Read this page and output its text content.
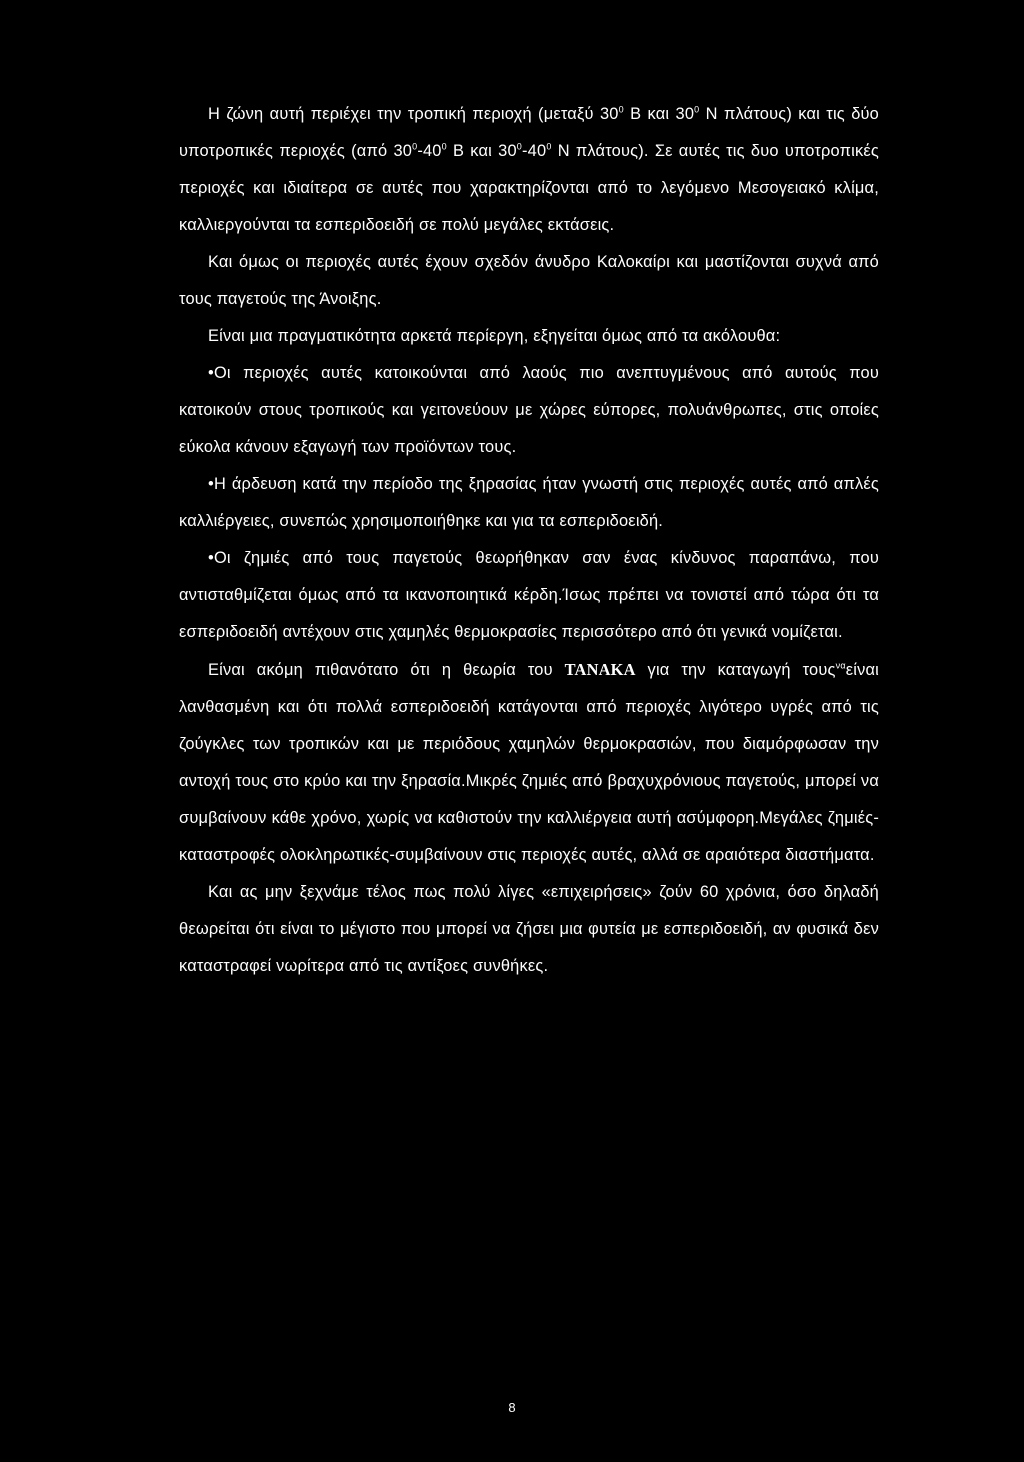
Η ζώνη αυτή περιέχει την τροπική περιοχή (μεταξύ $30^0$ Β και $30^0$ Ν πλάτους) και τις δύο υποτροπικές περιοχές (από $30^0-40^0$ Β και $30^0-40^0$ Ν πλάτους). Σε αυτές τις δυο υποτροπικές περιοχές και ιδιαίτερα σε αυτές που χαρακτηρίζονται από το λεγόμενο Μεσογειακό κλίμα, καλλιεργούνται τα εσπεριδοειδή σε πολύ μεγάλες εκτάσεις.

Και όμως οι περιοχές αυτές έχουν σχεδόν άνυδρο Καλοκαίρι και μαστίζονται συχνά από τους παγετούς της Άνοιξης.

Είναι μια πραγματικότητα αρκετά περίεργη, εξηγείται όμως από τα ακόλουθα:

•Οι περιοχές αυτές κατοικούνται από λαούς πιο ανεπτυγμένους από αυτούς που κατοικούν στους τροπικούς και γειτονεύουν με χώρες εύπορες, πολυάνθρωπες, στις οποίες εύκολα κάνουν εξαγωγή των προϊόντων τους.

•Η άρδευση κατά την περίοδο της ξηρασίας ήταν γνωστή στις περιοχές αυτές από απλές καλλιέργειες, συνεπώς χρησιμοποιήθηκε και για τα εσπεριδοειδή.

•Οι ζημιές από τους παγετούς θεωρήθηκαν σαν ένας κίνδυνος παραπάνω, που αντισταθμίζεται όμως από τα ικανοποιητικά κέρδη.Ίσως πρέπει να τονιστεί από τώρα ότι τα εσπεριδοειδή αντέχουν στις χαμηλές θερμοκρασίες περισσότερο από ότι γενικά νομίζεται.

Είναι ακόμη πιθανότατο ότι η θεωρία του TANAKA για την καταγωγή τους$^{\nu\alpha}$είναι λανθασμένη και ότι πολλά εσπεριδοειδή κατάγονται από περιοχές λιγότερο υγρές από τις ζούγκλες των τροπικών και με περιόδους χαμηλών θερμοκρασιών, που διαμόρφωσαν την αντοχή τους στο κρύο και την ξηρασία.Μικρές ζημιές από βραχυχρόνιους παγετούς, μπορεί να συμβαίνουν κάθε χρόνο, χωρίς να καθιστούν την καλλιέργεια αυτή ασύμφορη.Μεγάλες ζημιές-καταστροφές ολοκληρωτικές-συμβαίνουν στις περιοχές αυτές, αλλά σε αραιότερα διαστήματα.

Και ας μην ξεχνάμε τέλος πως πολύ λίγες «επιχειρήσεις» ζούν 60 χρόνια, όσο δηλαδή θεωρείται ότι είναι το μέγιστο που μπορεί να ζήσει μια φυτεία με εσπεριδοειδή, αν φυσικά δεν καταστραφεί νωρίτερα από τις αντίξοες συνθήκες.

8
